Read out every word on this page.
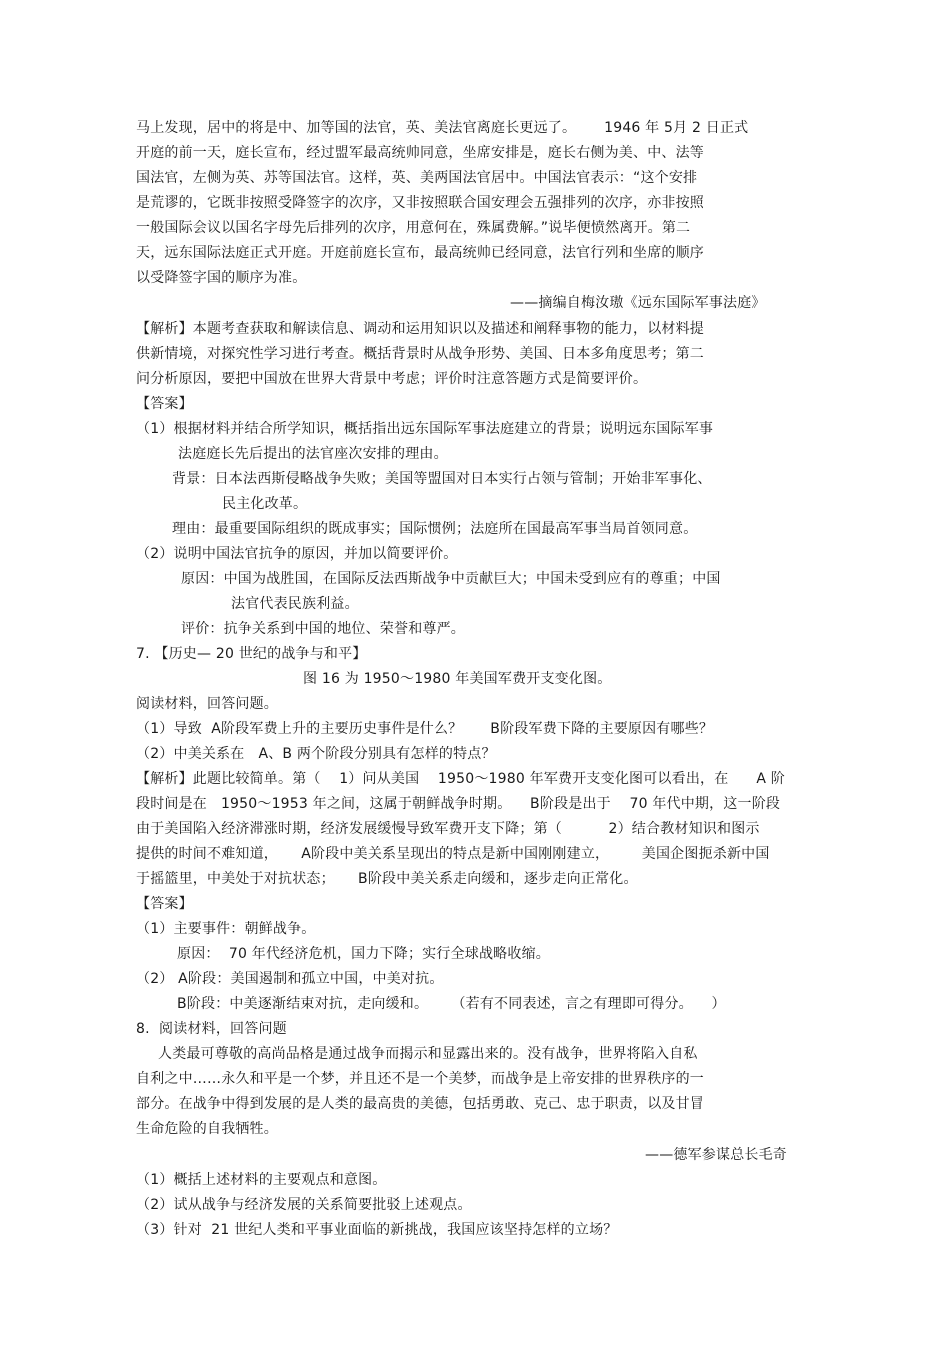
马上发现，居中的将是中、加等国的法官，英、美法官离庭长更远了。      1946 年 5月 2 日正式
开庭的前一天，庭长宣布，经过盟军最高统帅同意，坐席安排是，庭长右侧为美、中、法等
国法官，左侧为英、苏等国法官。这样，英、美两国法官居中。中国法官表示：“这个安排
是荒谬的，它既非按照受降签字的次序，又非按照联合国安理会五强排列的次序，亦非按照
一般国际会议以国名字母先后排列的次序，用意何在，殊属费解。”说毕便愤然离开。第二
天，远东国际法庭正式开庭。开庭前庭长宣布，最高统帅已经同意，法官行列和坐席的顺序
以受降签字国的顺序为准。
——摘编自梅汝璈《远东国际军事法庭》
【解析】本题考查获取和解读信息、调动和运用知识以及描述和阐释事物的能力，以材料提
供新情境，对探究性学习进行考查。概括背景时从战争形势、美国、日本多角度思考；第二
问分析原因，要把中国放在世界大背景中考虑；评价时注意答题方式是简要评价。
【答案】
（1）根据材料并结合所学知识，概括指出远东国际军事法庭建立的背景；说明远东国际军事
法庭庭长先后提出的法官座次安排的理由。
背景：日本法西斯侵略战争失败；美国等盟国对日本实行占领与管制；开始非军事化、
民主化改革。
理由：最重要国际组织的既成事实；国际惯例；法庭所在国最高军事当局首领同意。
（2）说明中国法官抗争的原因，并加以简要评价。
原因：中国为战胜国，在国际反法西斯战争中贡献巨大；中国未受到应有的尊重；中国
法官代表民族利益。
评价：抗争关系到中国的地位、荣誉和尊严。
7. 【历史— 20 世纪的战争与和平】
图 16 为 1950～1980 年美国军费开支变化图。
阅读材料，回答问题。
（1）导致  A阶段军费上升的主要历史事件是什么？      B阶段军费下降的主要原因有哪些？
（2）中美关系在   A、B 两个阶段分别具有怎样的特点？
【解析】此题比较简单。第（    1）问从美国    1950～1980 年军费开支变化图可以看出，在      A 阶
段时间是在   1950～1953 年之间，这属于朝鲜战争时期。    B阶段是出于    70 年代中期，这一阶段
由于美国陷入经济滞涨时期，经济发展缓慢导致军费开支下降；第（          2）结合教材知识和图示
提供的时间不难知道，     A阶段中美关系呈现出的特点是新中国刚刚建立，       美国企图扼杀新中国
于摇篮里，中美处于对抗状态；     B阶段中美关系走向缓和，逐步走向正常化。
【答案】
（1）主要事件：朝鲜战争。
原因：  70 年代经济危机，国力下降；实行全球战略收缩。
（2） A阶段：美国遏制和孤立中国，中美对抗。
B阶段：中美逐渐结束对抗，走向缓和。     （若有不同表述，言之有理即可得分。    ）
8.  阅读材料，回答问题
人类最可尊敬的高尚品格是通过战争而揭示和显露出来的。没有战争，世界将陷入自私
自利之中……永久和平是一个梦，并且还不是一个美梦，而战争是上帝安排的世界秩序的一
部分。在战争中得到发展的是人类的最高贵的美德，包括勇敢、克己、忠于职责，以及甘冒
生命危险的自我牺牲。
——德军参谋总长毛奇
（1）概括上述材料的主要观点和意图。
（2）试从战争与经济发展的关系简要批驳上述观点。
（3）针对  21 世纪人类和平事业面临的新挑战，我国应该坚持怎样的立场？
